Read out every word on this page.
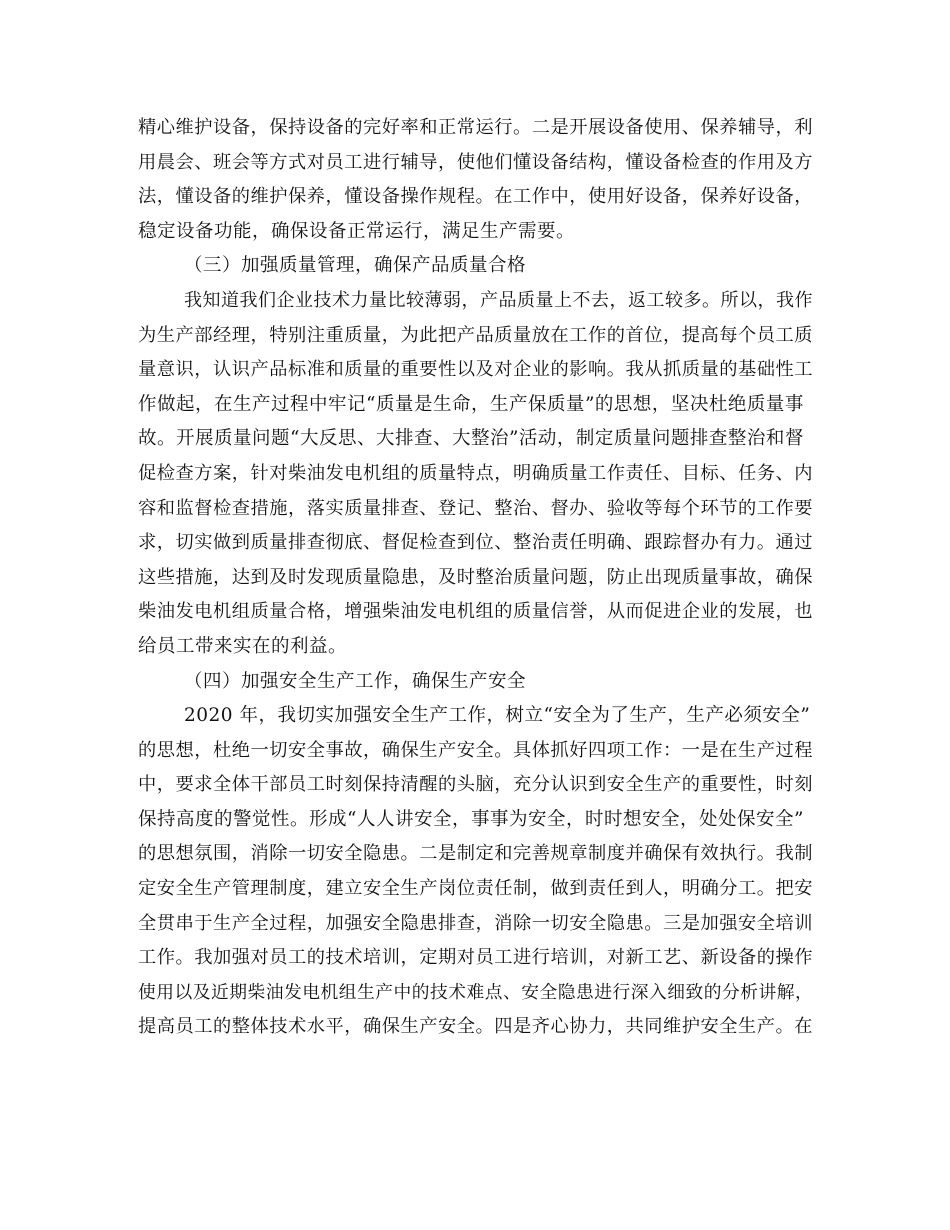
精心维护设备，保持设备的完好率和正常运行。二是开展设备使用、保养辅导，利
用晨会、班会等方式对员工进行辅导，使他们懂设备结构，懂设备检查的作用及方
法，懂设备的维护保养，懂设备操作规程。在工作中，使用好设备，保养好设备，
稳定设备功能，确保设备正常运行，满足生产需要。
（三）加强质量管理，确保产品质量合格
我知道我们企业技术力量比较薄弱，产品质量上不去，返工较多。所以，我作
为生产部经理，特别注重质量，为此把产品质量放在工作的首位，提高每个员工质
量意识，认识产品标准和质量的重要性以及对企业的影响。我从抓质量的基础性工
作做起，在生产过程中牢记“质量是生命，生产保质量”的思想，坚决杜绝质量事
故。开展质量问题“大反思、大排查、大整治”活动，制定质量问题排查整治和督
促检查方案，针对柴油发电机组的质量特点，明确质量工作责任、目标、任务、内
容和监督检查措施，落实质量排查、登记、整治、督办、验收等每个环节的工作要
求，切实做到质量排查彻底、督促检查到位、整治责任明确、跟踪督办有力。通过
这些措施，达到及时发现质量隐患，及时整治质量问题，防止出现质量事故，确保
柴油发电机组质量合格，增强柴油发电机组的质量信誉，从而促进企业的发展，也
给员工带来实在的利益。
（四）加强安全生产工作，确保生产安全
2020 年，我切实加强安全生产工作，树立“安全为了生产，生产必须安全”
的思想，杜绝一切安全事故，确保生产安全。具体抓好四项工作：一是在生产过程
中，要求全体干部员工时刻保持清醒的头脑，充分认识到安全生产的重要性，时刻
保持高度的警觉性。形成“人人讲安全，事事为安全，时时想安全，处处保安全”
的思想氛围，消除一切安全隐患。二是制定和完善规章制度并确保有效执行。我制
定安全生产管理制度，建立安全生产岗位责任制，做到责任到人，明确分工。把安
全贯串于生产全过程，加强安全隐患排查，消除一切安全隐患。三是加强安全培训
工作。我加强对员工的技术培训，定期对员工进行培训，对新工艺、新设备的操作
使用以及近期柴油发电机组生产中的技术难点、安全隐患进行深入细致的分析讲解，
提高员工的整体技术水平，确保生产安全。四是齐心协力，共同维护安全生产。在
